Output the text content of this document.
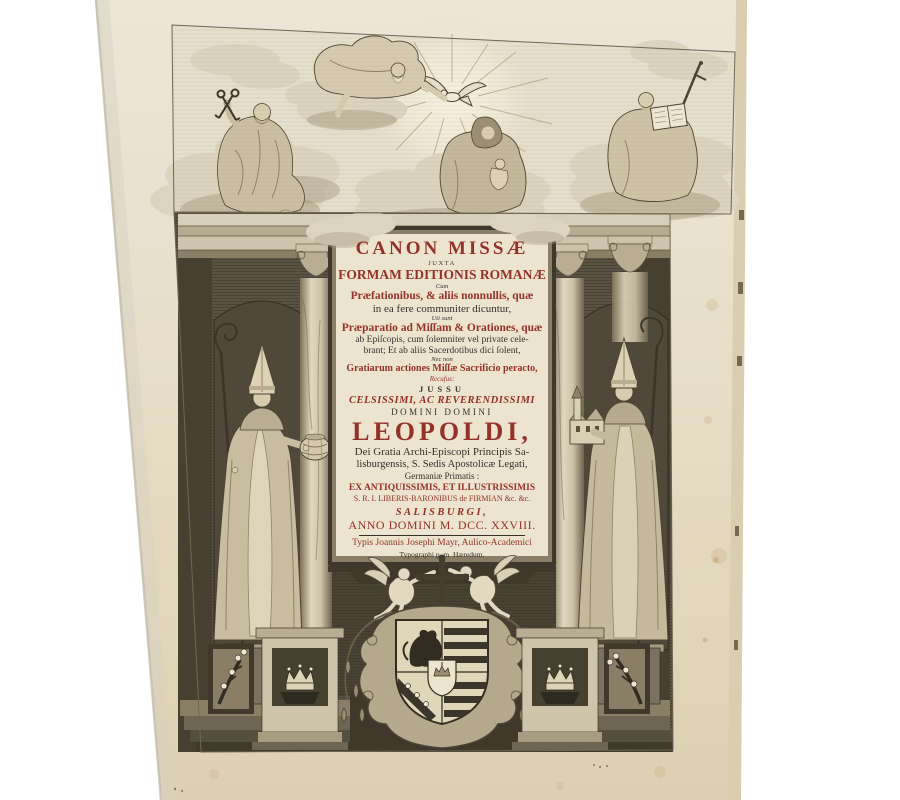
CANON MISSÆ
JUXTA
FORMAM EDITIONIS ROMANÆ
Cum
Præfationibus, & aliis nonnullis, quæ
in ea fere communiter dicuntur,
Uti sunt
Præparatio ad Miſſam & Orationes, quæ
ab Epiſcopis, cum ſolemniter vel private cele-
brant; Et ab aliis Sacerdotibus dici ſolent,
Nec non
Gratiarum actiones Miſſæ Sacrificio peracto,
Recuſus:
JUSSU
CELSISSIMI, AC REVERENDISSIMI
DOMINI DOMINI
LEOPOLDI,
Dei Gratia Archi-Episcopi Principis Sa-
lisburgensis, S. Sedis Apostolicæ Legati,
Germaniæ Primatis :
EX ANTIQUISSIMIS, ET ILLUSTRISSIMIS
S. R. I. LIBERIS-BARONIBUS de FIRMIAN &c. &c.
SALISBURGI,
ANNO DOMINI M. DCC. XXVIII.
Typis Joannis Josephi Mayr, Aulico-Academici
Typographi p. m. Hæredum.
